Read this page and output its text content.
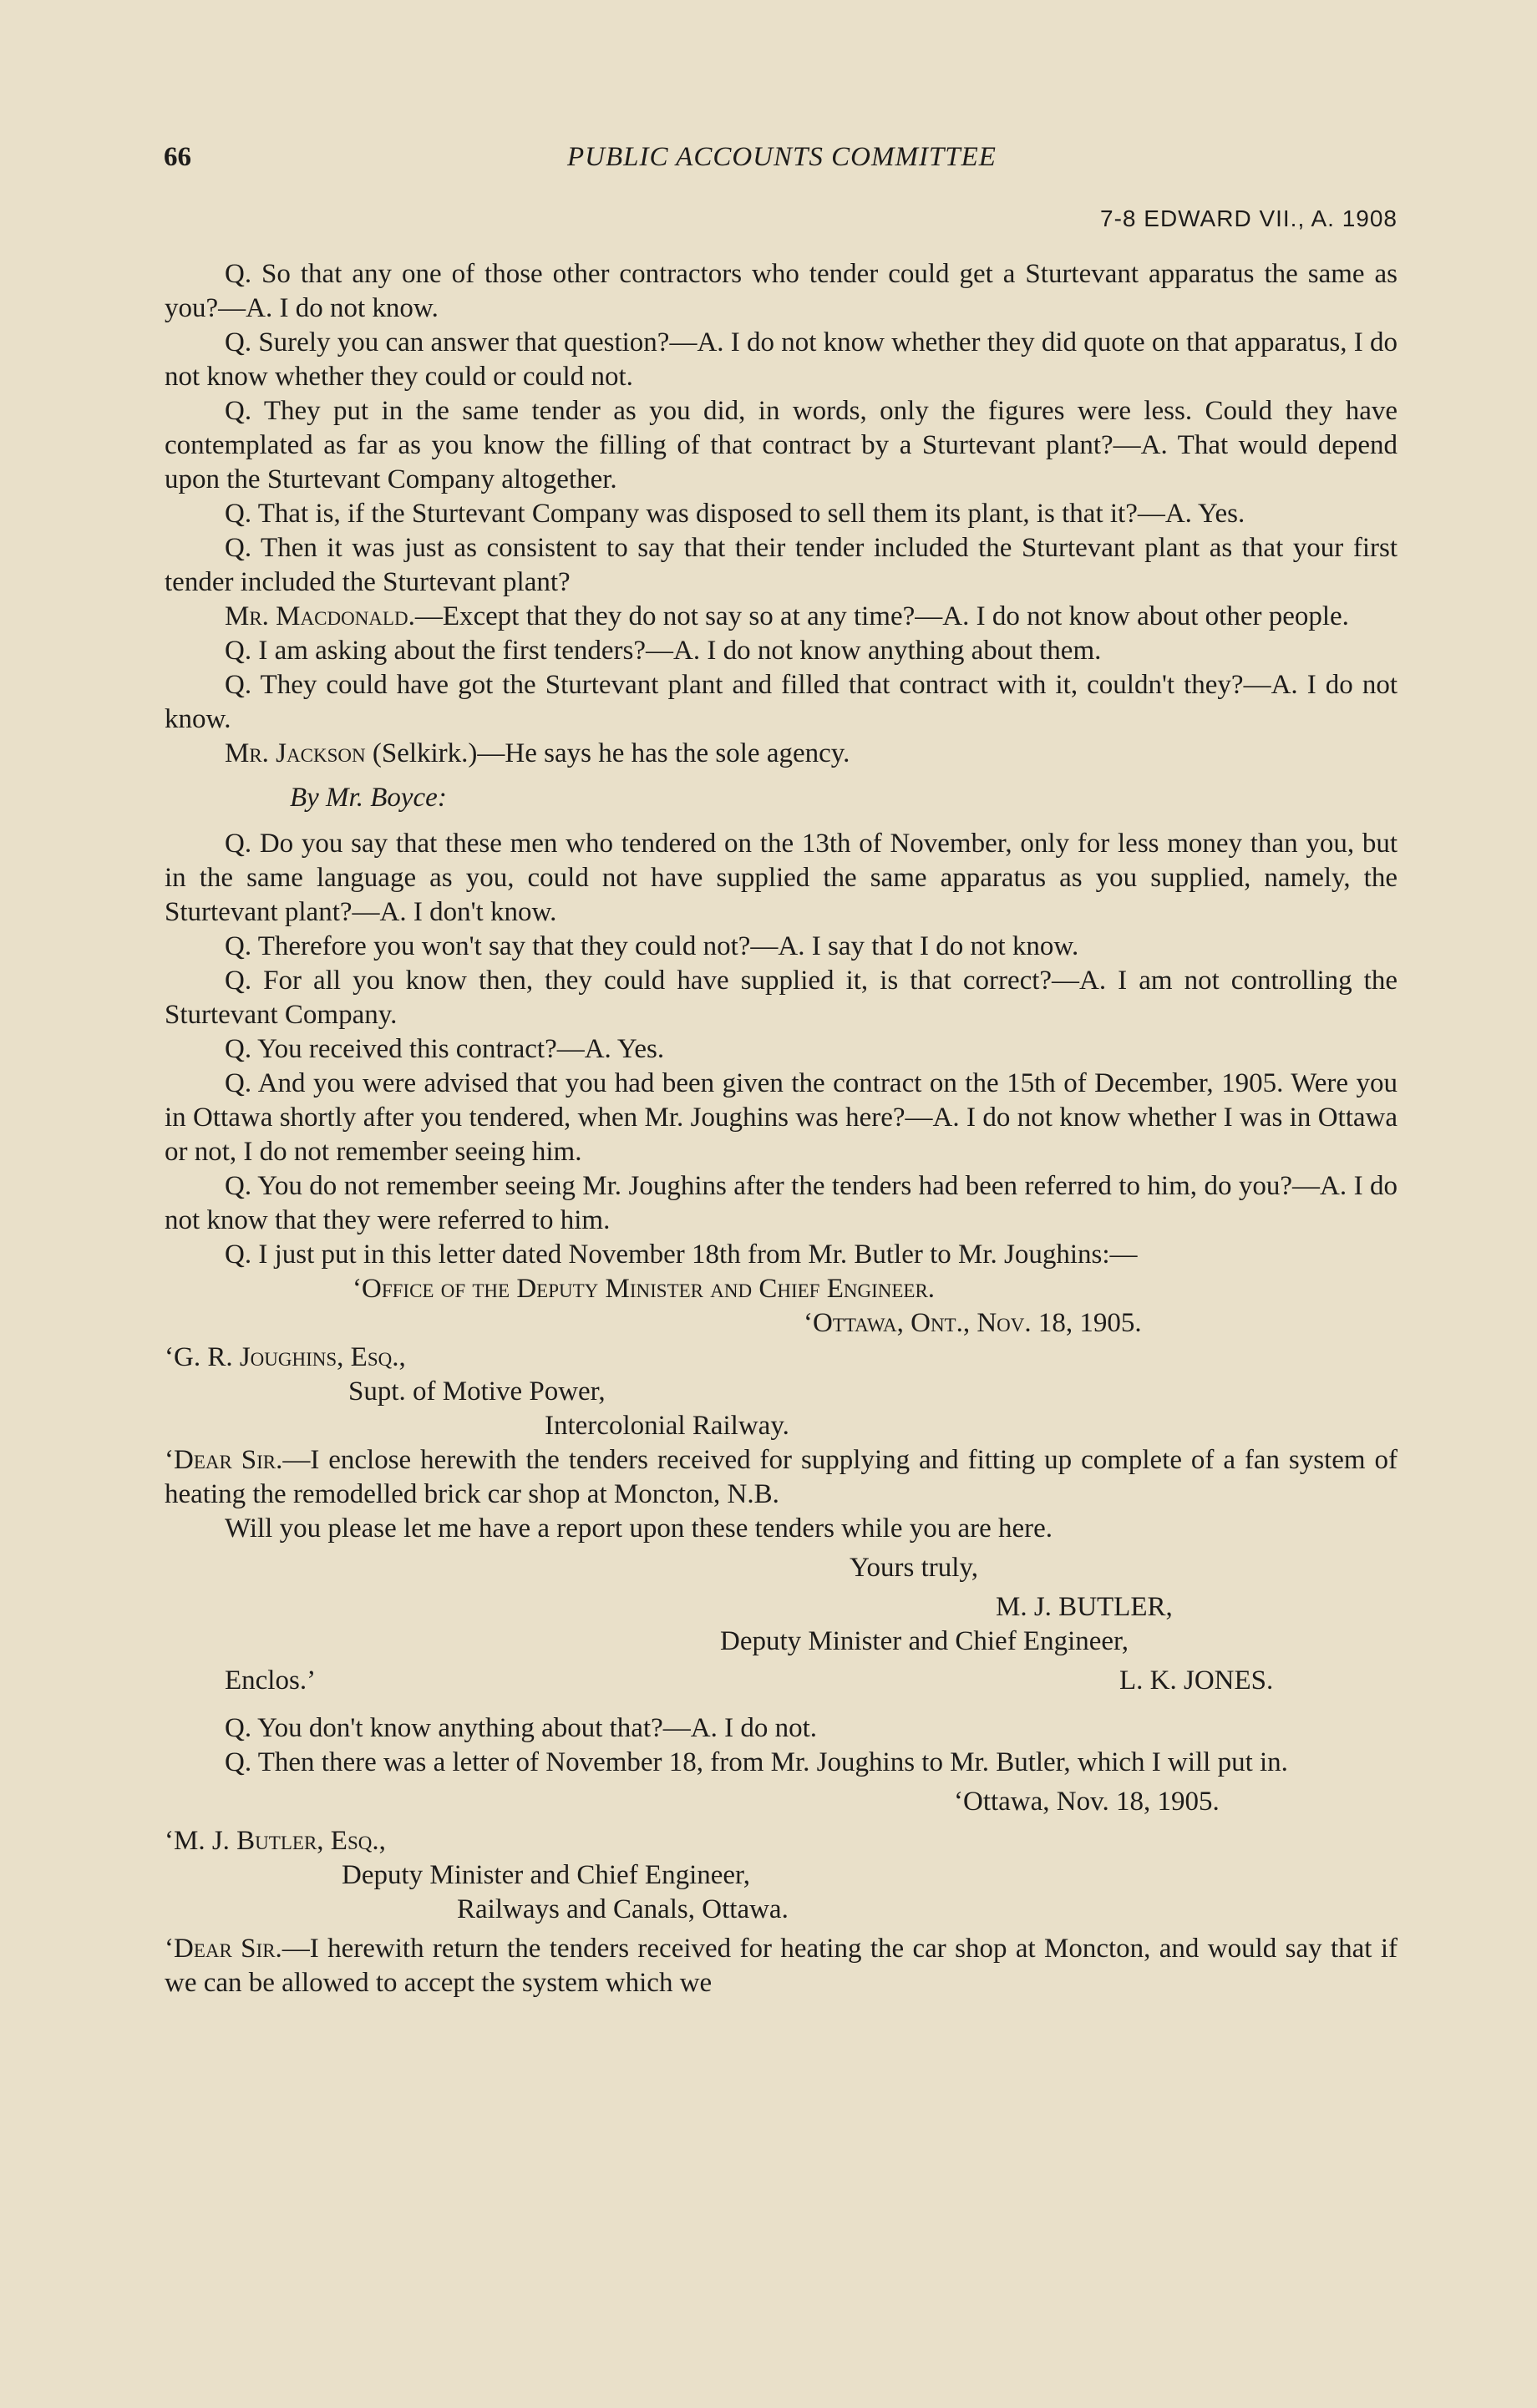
66	PUBLIC ACCOUNTS COMMITTEE
7-8 EDWARD VII., A. 1908

Q. So that any one of those other contractors who tender could get a Sturtevant apparatus the same as you?—A. I do not know.

Q. Surely you can answer that question?—A. I do not know whether they did quote on that apparatus, I do not know whether they could or could not.

Q. They put in the same tender as you did, in words, only the figures were less. Could they have contemplated as far as you know the filling of that contract by a Sturtevant plant?—A. That would depend upon the Sturtevant Company altogether.

Q. That is, if the Sturtevant Company was disposed to sell them its plant, is that it?—A. Yes.

Q. Then it was just as consistent to say that their tender included the Sturtevant plant as that your first tender included the Sturtevant plant?

Mr. Macdonald.—Except that they do not say so at any time?—A. I do not know about other people.

Q. I am asking about the first tenders?—A. I do not know anything about them.

Q. They could have got the Sturtevant plant and filled that contract with it, couldn't they?—A. I do not know.

Mr. Jackson (Selkirk.)—He says he has the sole agency.

By Mr. Boyce:

Q. Do you say that these men who tendered on the 13th of November, only for less money than you, but in the same language as you, could not have supplied the same apparatus as you supplied, namely, the Sturtevant plant?—A. I don't know.

Q. Therefore you won't say that they could not?—A. I say that I do not know.

Q. For all you know then, they could have supplied it, is that correct?—A. I am not controlling the Sturtevant Company.

Q. You received this contract?—A. Yes.

Q. And you were advised that you had been given the contract on the 15th of December, 1905. Were you in Ottawa shortly after you tendered, when Mr. Joughins was here?—A. I do not know whether I was in Ottawa or not, I do not remember seeing him.

Q. You do not remember seeing Mr. Joughins after the tenders had been referred to him, do you?—A. I do not know that they were referred to him.

Q. I just put in this letter dated November 18th from Mr. Butler to Mr. Joughins:—

‘Office of the Deputy Minister and Chief Engineer.

‘Ottawa, Ont., Nov. 18, 1905.

‘G. R. Joughins, Esq.,

Supt. of Motive Power,

Intercolonial Railway.

‘Dear Sir.—I enclose herewith the tenders received for supplying and fitting up complete of a fan system of heating the remodelled brick car shop at Moncton, N.B.

Will you please let me have a report upon these tenders while you are here.

Yours truly,

M. J. BUTLER,

Deputy Minister and Chief Engineer,

Enclos.’	L. K. JONES.

Q. You don't know anything about that?—A. I do not.

Q. Then there was a letter of November 18, from Mr. Joughins to Mr. Butler, which I will put in.

‘Ottawa, Nov. 18, 1905.

‘M. J. Butler, Esq.,

Deputy Minister and Chief Engineer,

Railways and Canals, Ottawa.

‘Dear Sir.—I herewith return the tenders received for heating the car shop at Moncton, and would say that if we can be allowed to accept the system which we
